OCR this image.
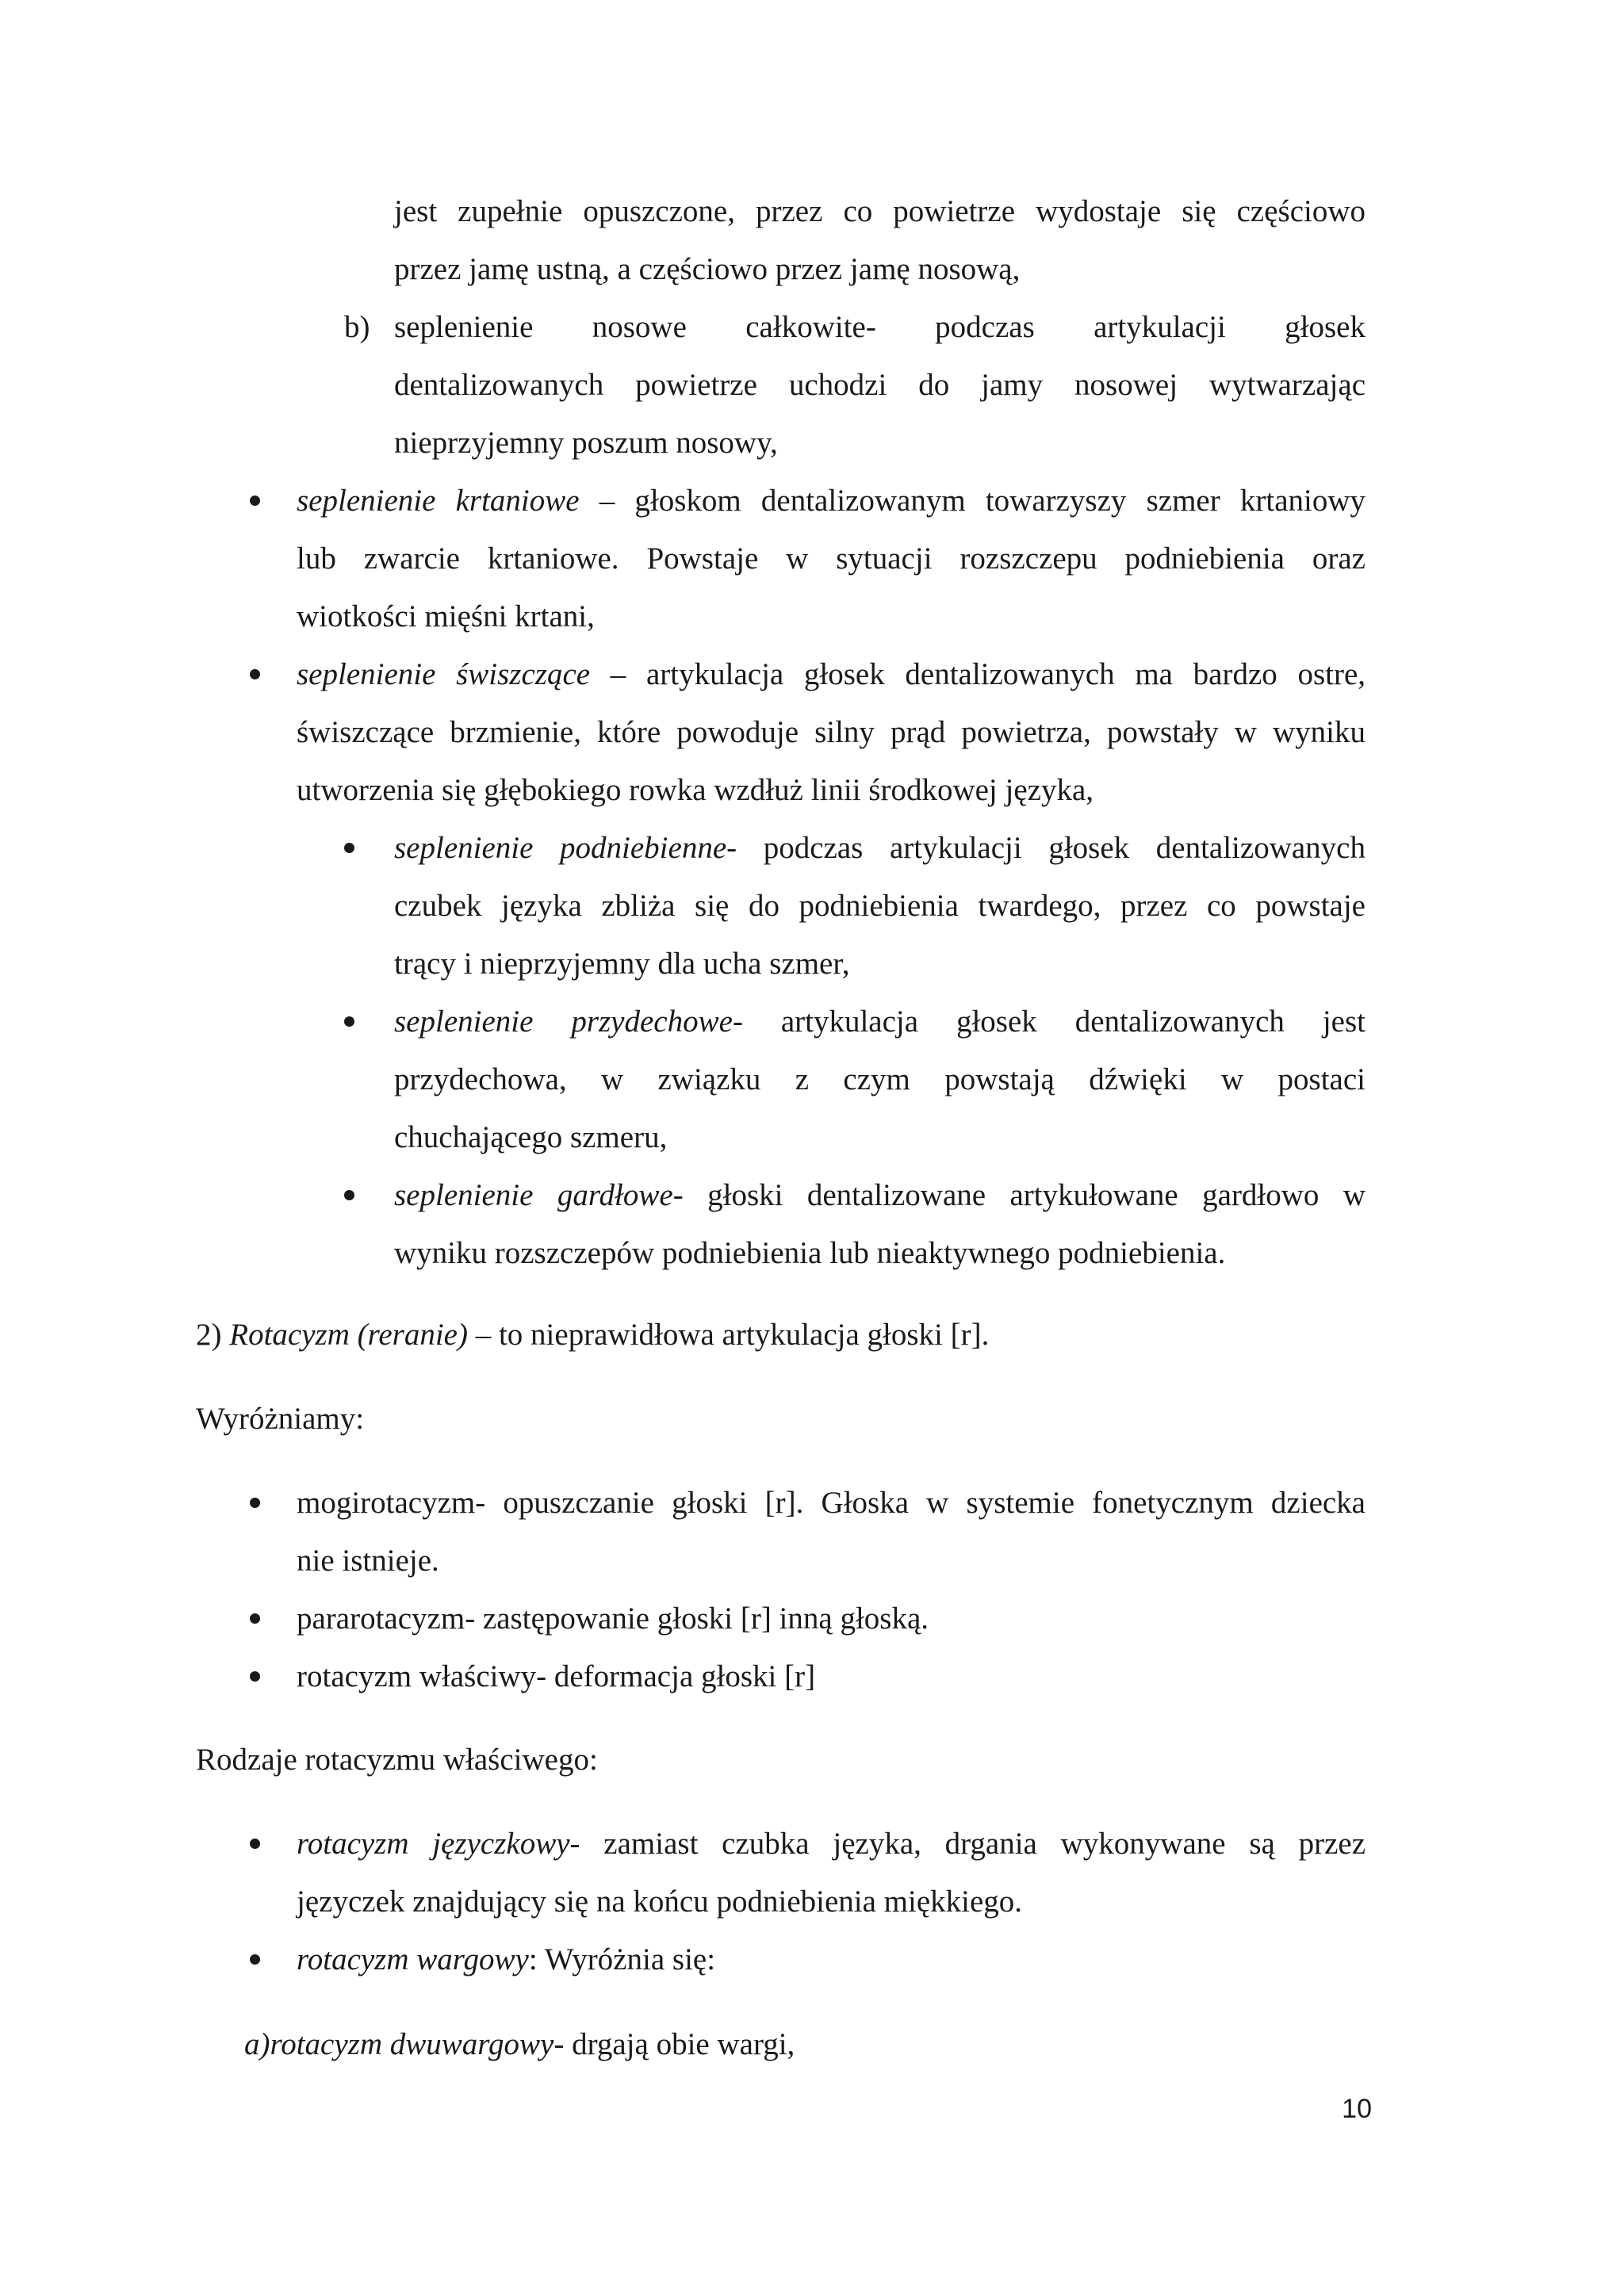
jest zupełnie opuszczone, przez co powietrze wydostaje się częściowo
przez jamę ustną, a częściowo przez jamę nosową,
b) seplenienie nosowe całkowite- podczas artykulacji głosek
dentalizowanych powietrze uchodzi do jamy nosowej wytwarzając
nieprzyjemny poszum nosowy,
seplenienie krtaniowe – głoskom dentalizowanym towarzyszy szmer krtaniowy
lub zwarcie krtaniowe. Powstaje w sytuacji rozszczepu podniebienia oraz
wiotkości mięśni krtani,
seplenienie świszczące – artykulacja głosek dentalizowanych ma bardzo ostre,
świszczące brzmienie, które powoduje silny prąd powietrza, powstały w wyniku
utworzenia się głębokiego rowka wzdłuż linii środkowej języka,
seplenienie podniebienne- podczas artykulacji głosek dentalizowanych
czubek języka zbliża się do podniebienia twardego, przez co powstaje
trący i nieprzyjemny dla ucha szmer,
seplenienie przydechowe- artykulacja głosek dentalizowanych jest
przydechowa, w związku z czym powstają dźwięki w postaci
chuchającego szmeru,
seplenienie gardłowe- głoski dentalizowane artykułowane gardłowo w
wyniku rozszczepów podniebienia lub nieaktywnego podniebienia.
2) Rotacyzm (reranie) – to nieprawidłowa artykulacja głoski [r].
Wyróżniamy:
mogirotacyzm- opuszczanie głoski [r]. Głoska w systemie fonetycznym dziecka
nie istnieje.
pararotacyzm- zastępowanie głoski [r] inną głoską.
rotacyzm właściwy- deformacja głoski [r]
Rodzaje rotacyzmu właściwego:
rotacyzm języczkowy- zamiast czubka języka, drgania wykonywane są przez
języczek znajdujący się na końcu podniebienia miękkiego.
rotacyzm wargowy: Wyróżnia się:
a)rotacyzm dwuwargowy- drgają obie wargi,
10
